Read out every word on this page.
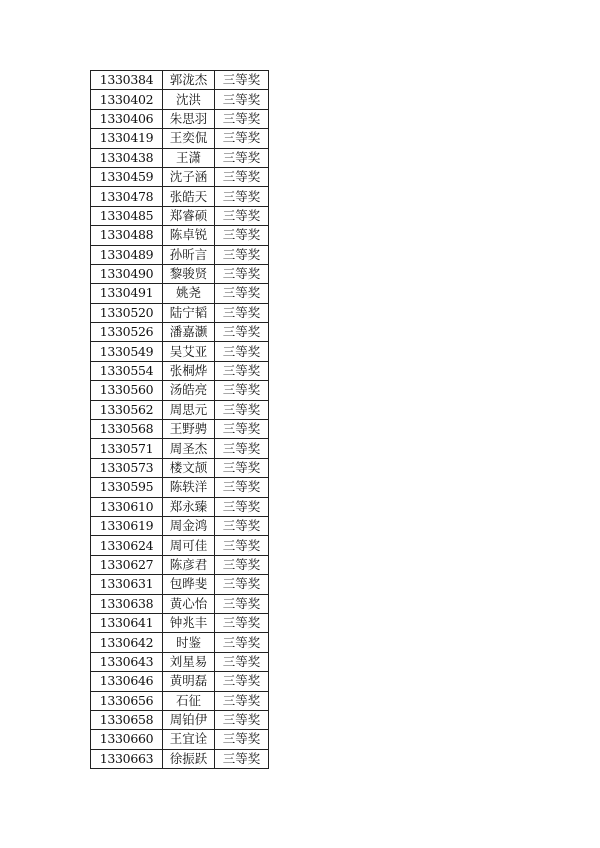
1330384	郭泷杰	三等奖
1330402	沈洪	三等奖
1330406	朱思羽	三等奖
1330419	王奕侃	三等奖
1330438	王潇	三等奖
1330459	沈子涵	三等奖
1330478	张皓天	三等奖
1330485	郑睿硕	三等奖
1330488	陈卓锐	三等奖
1330489	孙昕言	三等奖
1330490	黎骏贤	三等奖
1330491	姚尧	三等奖
1330520	陆宁韬	三等奖
1330526	潘嘉灏	三等奖
1330549	吴艾亚	三等奖
1330554	张桐烨	三等奖
1330560	汤皓亮	三等奖
1330562	周思元	三等奖
1330568	王野骋	三等奖
1330571	周圣杰	三等奖
1330573	楼文颉	三等奖
1330595	陈轶洋	三等奖
1330610	郑永臻	三等奖
1330619	周金鸿	三等奖
1330624	周可佳	三等奖
1330627	陈彦君	三等奖
1330631	包晔斐	三等奖
1330638	黄心怡	三等奖
1330641	钟兆丰	三等奖
1330642	时鉴	三等奖
1330643	刘星易	三等奖
1330646	黄明磊	三等奖
1330656	石征	三等奖
1330658	周铂伊	三等奖
1330660	王宜诠	三等奖
1330663	徐振跃	三等奖
